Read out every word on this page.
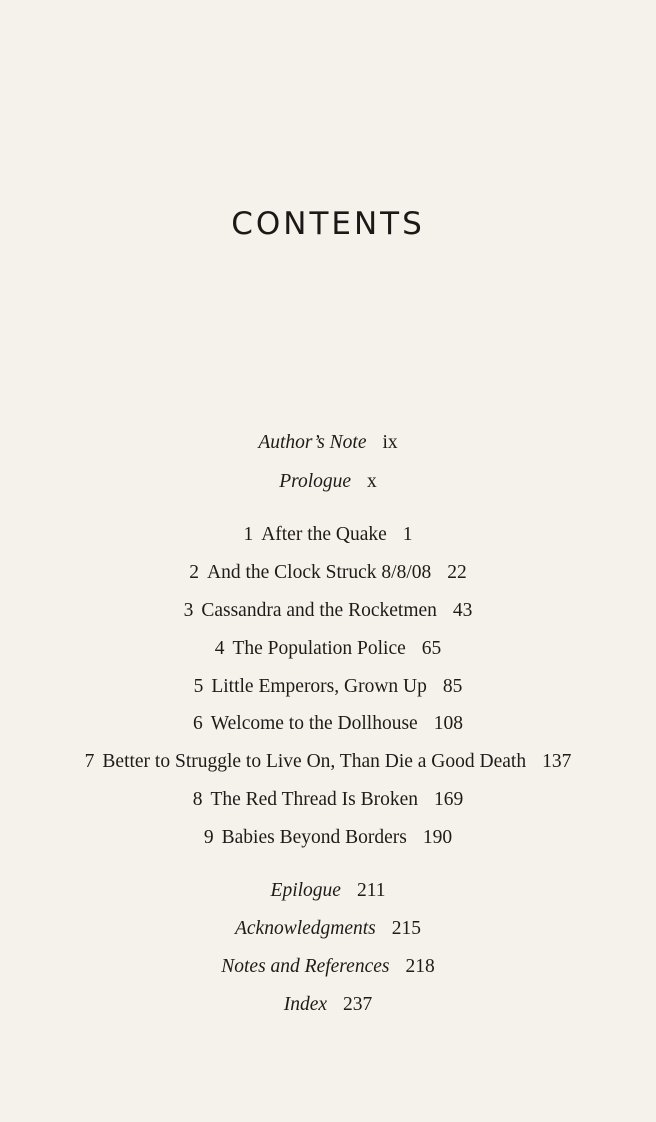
CONTENTS
Author’s Note ix
Prologue x
1 After the Quake 1
2 And the Clock Struck 8/8/08 22
3 Cassandra and the Rocketmen 43
4 The Population Police 65
5 Little Emperors, Grown Up 85
6 Welcome to the Dollhouse 108
7 Better to Struggle to Live On, Than Die a Good Death 137
8 The Red Thread Is Broken 169
9 Babies Beyond Borders 190
Epilogue 211
Acknowledgments 215
Notes and References 218
Index 237
